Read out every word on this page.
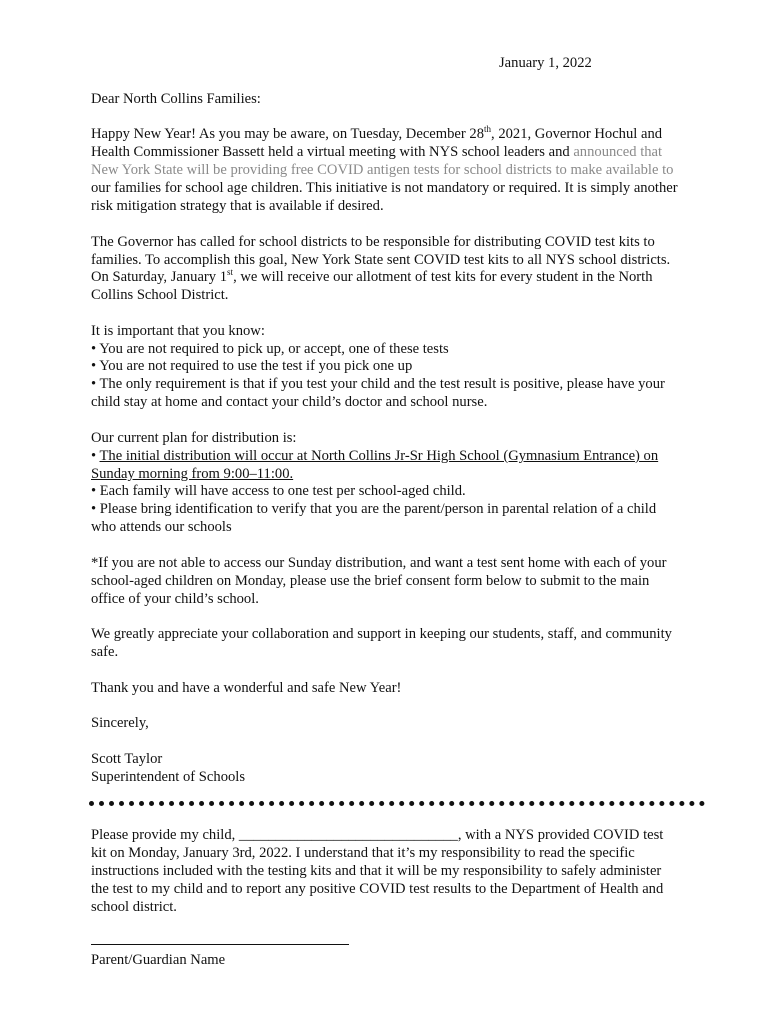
January 1, 2022

Dear North Collins Families:

Happy New Year! As you may be aware, on Tuesday, December 28th, 2021, Governor Hochul and

Health Commissioner Bassett held a virtual meeting with NYS school leaders and announced that

New York State will be providing free COVID antigen tests for school districts to make available to

our families for school age children. This initiative is not mandatory or required. It is simply another

risk mitigation strategy that is available if desired.

The Governor has called for school districts to be responsible for distributing COVID test kits to

families. To accomplish this goal, New York State sent COVID test kits to all NYS school districts.

On Saturday, January 1st, we will receive our allotment of test kits for every student in the North

Collins School District.

It is important that you know:

• You are not required to pick up, or accept, one of these tests

• You are not required to use the test if you pick one up

• The only requirement is that if you test your child and the test result is positive, please have your

child stay at home and contact your child’s doctor and school nurse.

Our current plan for distribution is:

• The initial distribution will occur at North Collins Jr-Sr High School (Gymnasium Entrance) on

Sunday morning from 9:00–11:00.

• Each family will have access to one test per school-aged child.

• Please bring identification to verify that you are the parent/person in parental relation of a child

who attends our schools

*If you are not able to access our Sunday distribution, and want a test sent home with each of your

school-aged children on Monday, please use the brief consent form below to submit to the main

office of your child’s school.

We greatly appreciate your collaboration and support in keeping our students, staff, and community

safe.

Thank you and have a wonderful and safe New Year!

Sincerely,

Scott Taylor

Superintendent of Schools

Please provide my child, ______________________________, with a NYS provided COVID test

kit on Monday, January 3rd, 2022. I understand that it’s my responsibility to read the specific

instructions included with the testing kits and that it will be my responsibility to safely administer

the test to my child and to report any positive COVID test results to the Department of Health and

school district.

Parent/Guardian Name
